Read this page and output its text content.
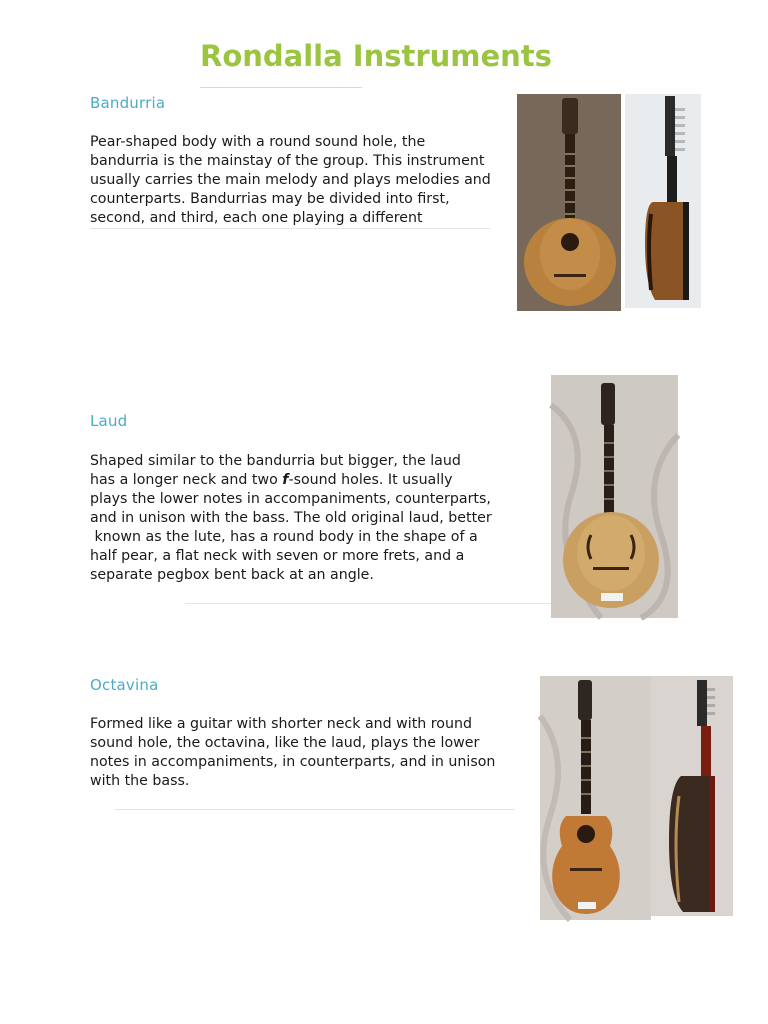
Rondalla Instruments
Bandurria
Pear-shaped body with a round sound hole, the
bandurria is the mainstay of the group. This instrument
usually carries the main melody and plays melodies and
counterparts. Bandurrias may be divided into first,
second, and third, each one playing a different
Laud
Shaped similar to the bandurria but bigger, the laud
has a longer neck and two f-sound holes. It usually
plays the lower notes in accompaniments, counterparts,
and in unison with the bass. The old original laud, better
known as the lute, has a round body in the shape of a
half pear, a flat neck with seven or more frets, and a
separate pegbox bent back at an angle.
Octavina
Formed like a guitar with shorter neck and with round
sound hole, the octavina, like the laud, plays the lower
notes in accompaniments, in counterparts, and in unison
with the bass.
